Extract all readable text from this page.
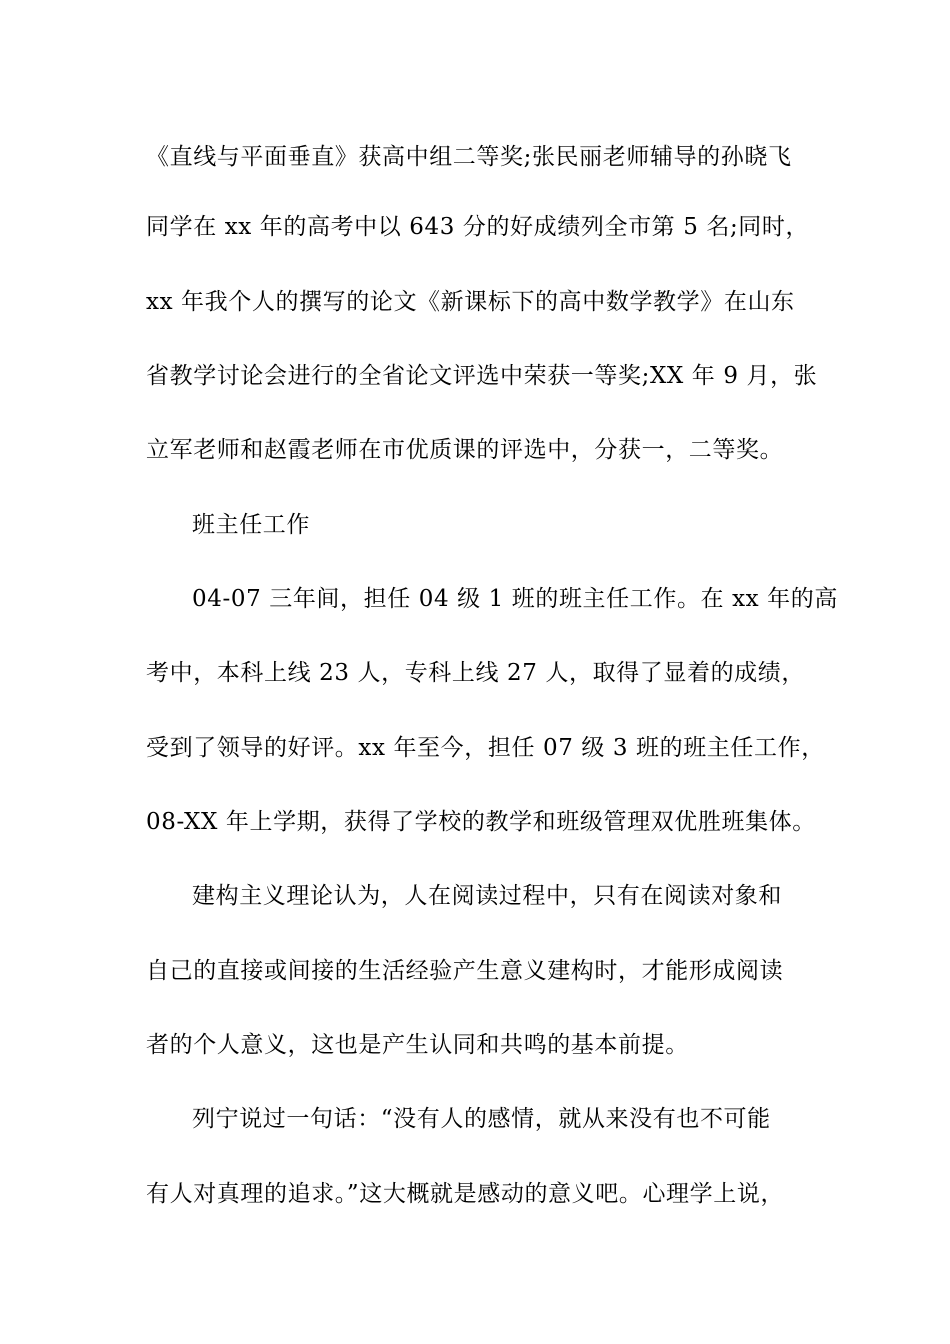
《直线与平面垂直》获高中组二等奖;张民丽老师辅导的孙晓飞
同学在 xx 年的高考中以 643 分的好成绩列全市第 5 名;同时，
xx 年我个人的撰写的论文《新课标下的高中数学教学》在山东
省教学讨论会进行的全省论文评选中荣获一等奖;XX 年 9 月，张
立军老师和赵霞老师在市优质课的评选中，分获一，二等奖。
班主任工作
04-07 三年间，担任 04 级 1 班的班主任工作。在 xx 年的高
考中，本科上线 23 人，专科上线 27 人，取得了显着的成绩，
受到了领导的好评。xx 年至今，担任 07 级 3 班的班主任工作，
08-XX 年上学期，获得了学校的教学和班级管理双优胜班集体。
建构主义理论认为，人在阅读过程中，只有在阅读对象和
自己的直接或间接的生活经验产生意义建构时，才能形成阅读
者的个人意义，这也是产生认同和共鸣的基本前提。
列宁说过一句话：“没有人的感情，就从来没有也不可能
有人对真理的追求。”这大概就是感动的意义吧。心理学上说，
